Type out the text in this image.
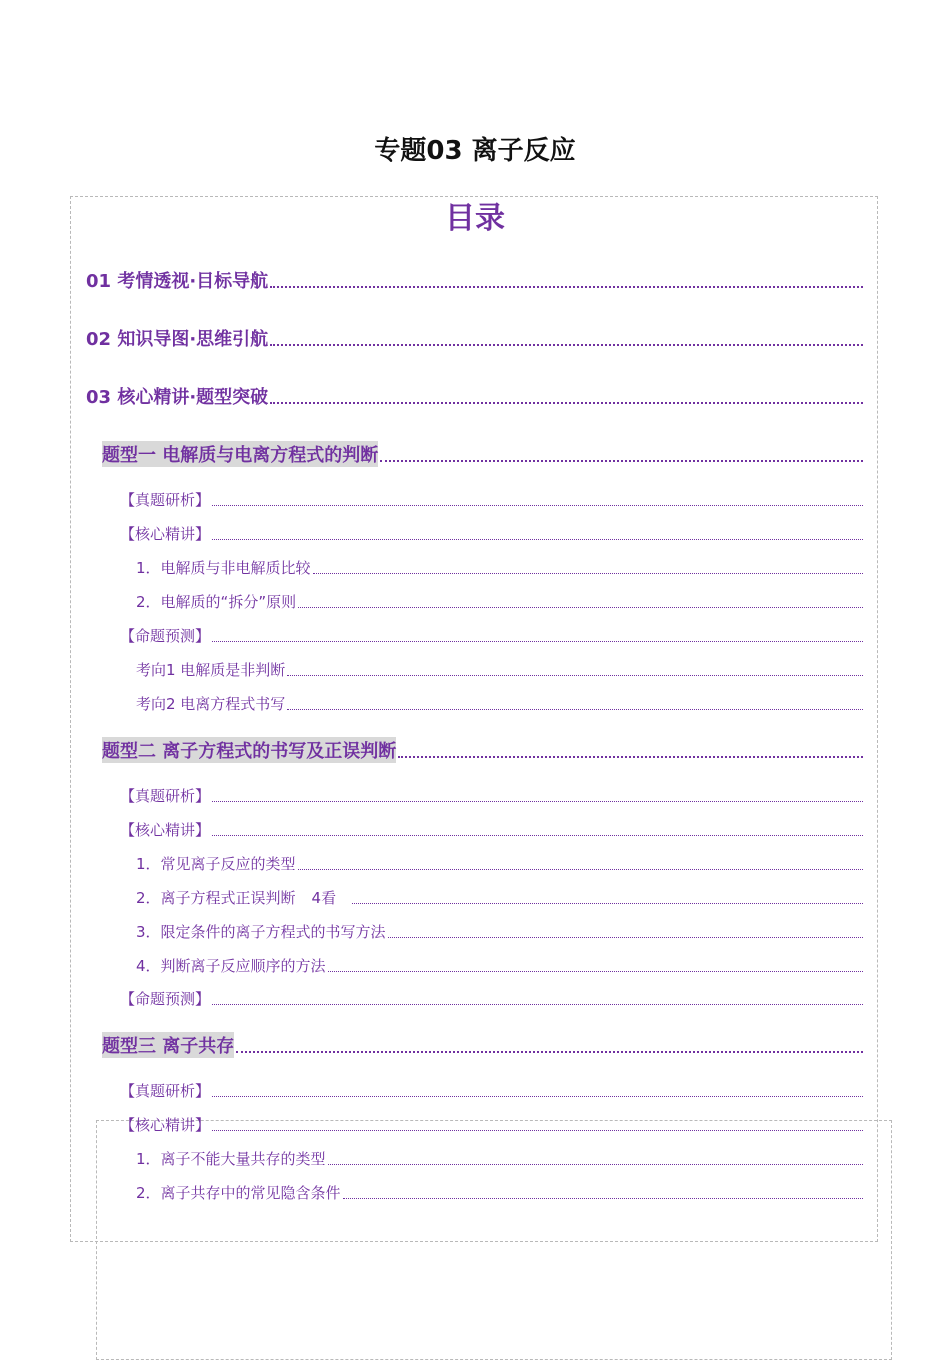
专题03 离子反应
目录
01 考情透视·目标导航
02 知识导图·思维引航
03 核心精讲·题型突破
题型一 电解质与电离方程式的判断
【真题研析】
【核心精讲】
1．电解质与非电解质比较
2．电解质的“拆分”原则
【命题预测】
考向1 电解质是非判断
考向2 电离方程式书写
题型二 离子方程式的书写及正误判断
【真题研析】
【核心精讲】
1．常见离子反应的类型
2．离子方程式正误判断 4看
3．限定条件的离子方程式的书写方法
4．判断离子反应顺序的方法
【命题预测】
题型三 离子共存
【真题研析】
【核心精讲】
1．离子不能大量共存的类型
2．离子共存中的常见隐含条件
